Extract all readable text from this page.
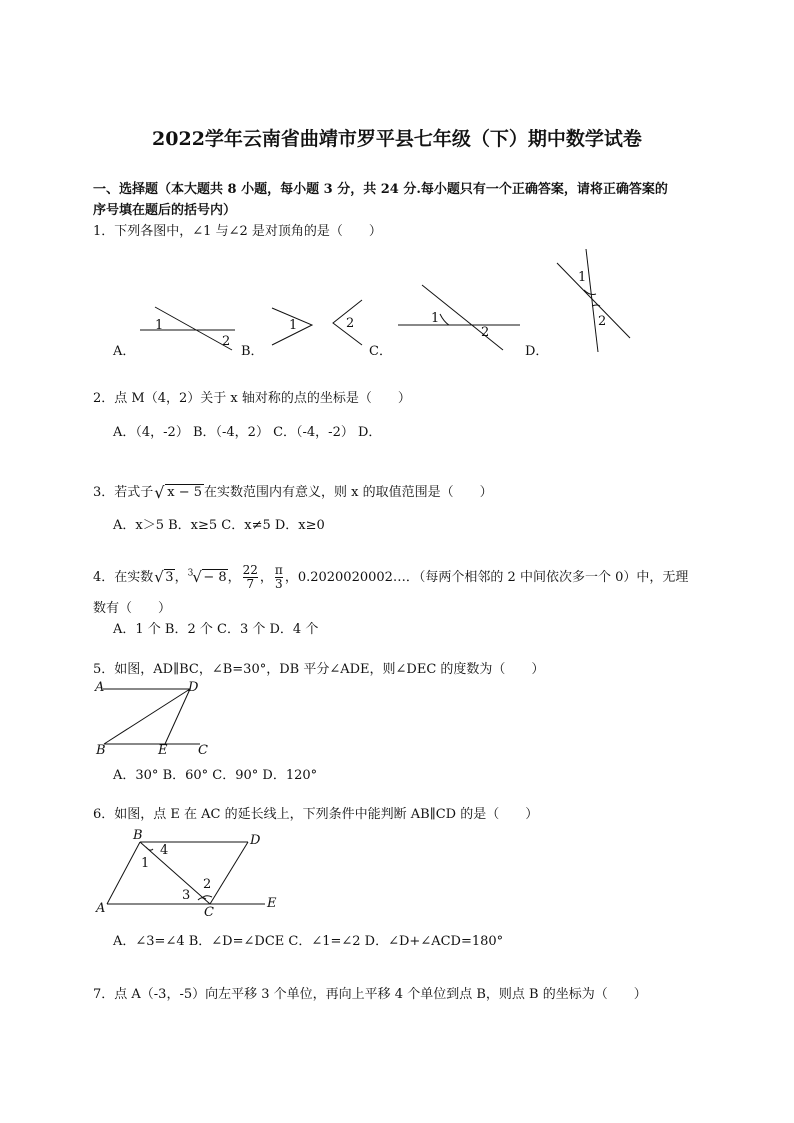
2022学年云南省曲靖市罗平县七年级（下）期中数学试卷
一、选择题（本大题共 8 小题，每小题 3 分，共 24 分.每小题只有一个正确答案，请将正确答案的
序号填在题后的括号内）
1．下列各图中，∠1 与∠2 是对顶角的是（　　）
1
2
1	2	1
2
1
2
A．	B．	C．	D．
2．点 M（4，2）关于 x 轴对称的点的坐标是（　　）
A．（4，-2） B．（-4，2） C．（-4，-2） D．
3．若式子 √ x − 5 在实数范围内有意义，则 x 的取值范围是（　　）
A．x＞5 B．x≥5 C．x≠5 D．x≥0
4．在实数 √ 3，$^3$ √ − 8， $\frac{22}{7}$ ， $\frac{\pi}{3}$ ，0.2020020002…．（每两个相邻的 2 中间依次多一个 0）中，无理
数有（　　）
A．1 个 B．2 个 C．3 个 D．4 个
5．如图，AD∥BC，∠B=30°，DB 平分∠ADE，则∠DEC 的度数为（　　）
A	D
B	E C
A．30° B．60° C．90° D．120°
6．如图，点 E 在 AC 的延长线上，下列条件中能判断 AB∥CD 的是（　　）
B	D
A	C
E
1
4
2
3
A．∠3=∠4 B．∠D=∠DCE C．∠1=∠2 D．∠D+∠ACD=180°
7．点 A（-3，-5）向左平移 3 个单位，再向上平移 4 个单位到点 B，则点 B 的坐标为（　　）
